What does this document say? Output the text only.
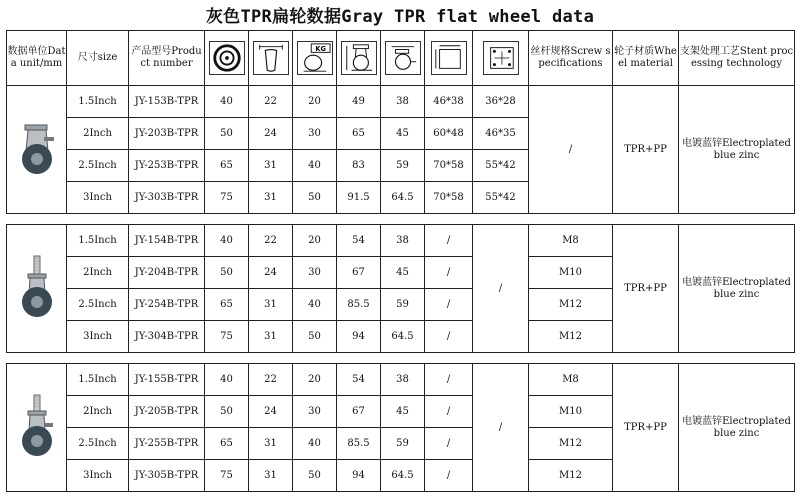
灰色TPR扁轮数据Gray TPR flat wheel data
数据单位Data unit/mm	尺寸size	产品型号Product number			KG					丝杆规格Screw specifications	轮子材质Wheel material	支架处理工艺Stent processing technology

	1.5Inch	JY-153B-TPR	40	22	20	49	38	46*38	36*28	/	TPR+PP	电镀蓝锌Electroplated blue zinc
	2Inch	JY-203B-TPR	50	24	30	65	45	60*48	46*35			
	2.5Inch	JY-253B-TPR	65	31	40	83	59	70*58	55*42			
	3Inch	JY-303B-TPR	75	31	50	91.5	64.5	70*58	55*42			

	1.5Inch	JY-154B-TPR	40	22	20	54	38	/	/	M8	TPR+PP	电镀蓝锌Electroplated blue zinc
	2Inch	JY-204B-TPR	50	24	30	67	45	/		M10		
	2.5Inch	JY-254B-TPR	65	31	40	85.5	59	/		M12		
	3Inch	JY-304B-TPR	75	31	50	94	64.5	/		M12		

	1.5Inch	JY-155B-TPR	40	22	20	54	38	/	/	M8	TPR+PP	电镀蓝锌Electroplated blue zinc
	2Inch	JY-205B-TPR	50	24	30	67	45	/		M10		
	2.5Inch	JY-255B-TPR	65	31	40	85.5	59	/		M12		
	3Inch	JY-305B-TPR	75	31	50	94	64.5	/		M12		
